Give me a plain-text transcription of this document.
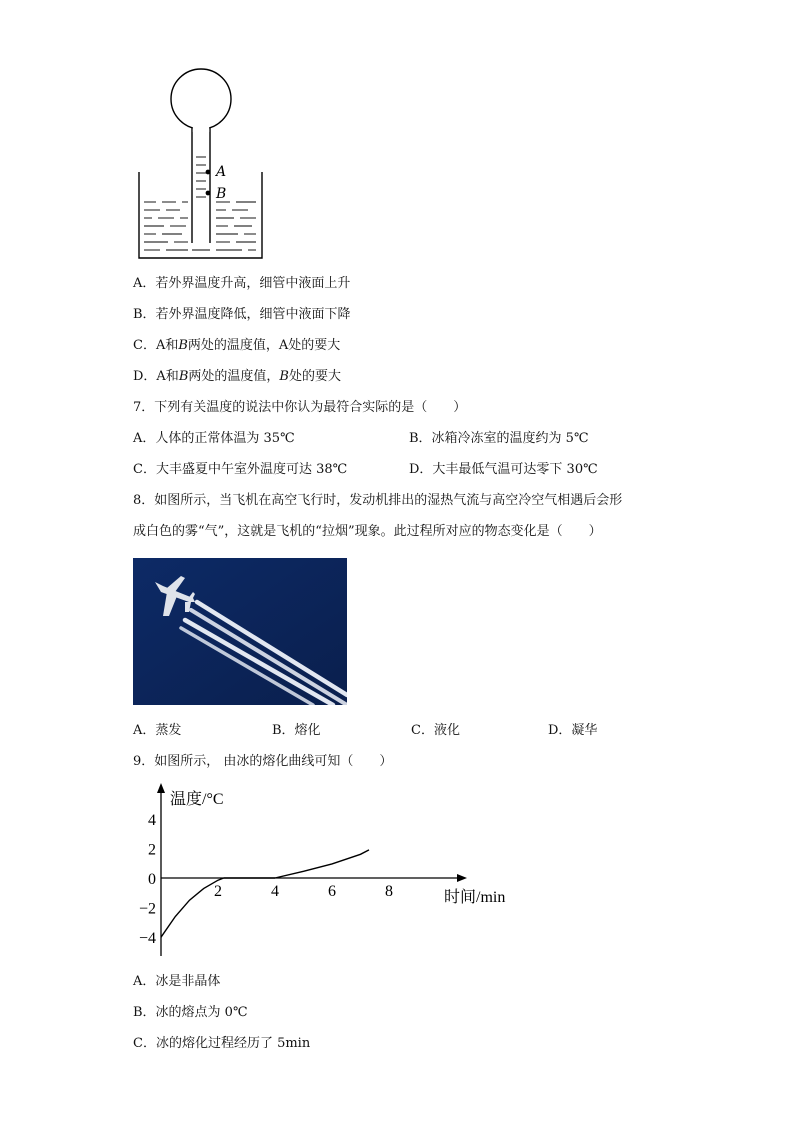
A
B
A．若外界温度升高，细管中液面上升
B．若外界温度降低，细管中液面下降
C．A和B两处的温度值，A处的要大
D．A和B两处的温度值，B处的要大
7．下列有关温度的说法中你认为最符合实际的是（　　）
A．人体的正常体温为 35℃	B．冰箱冷冻室的温度约为 5℃
C．大丰盛夏中午室外温度可达 38℃	D．大丰最低气温可达零下 30℃
8．如图所示，当飞机在高空飞行时，发动机排出的湿热气流与高空冷空气相遇后会形
成白色的雾“气”，这就是飞机的“拉烟”现象。此过程所对应的物态变化是（　　）
A．蒸发	B．熔化	C．液化	D．凝华
9．如图所示， 由冰的熔化曲线可知（　　）
2	4	6	8
4
2
0
−2
−4
温度/°C
时间/min
A．冰是非晶体
B．冰的熔点为 0℃
C．冰的熔化过程经历了 5min
